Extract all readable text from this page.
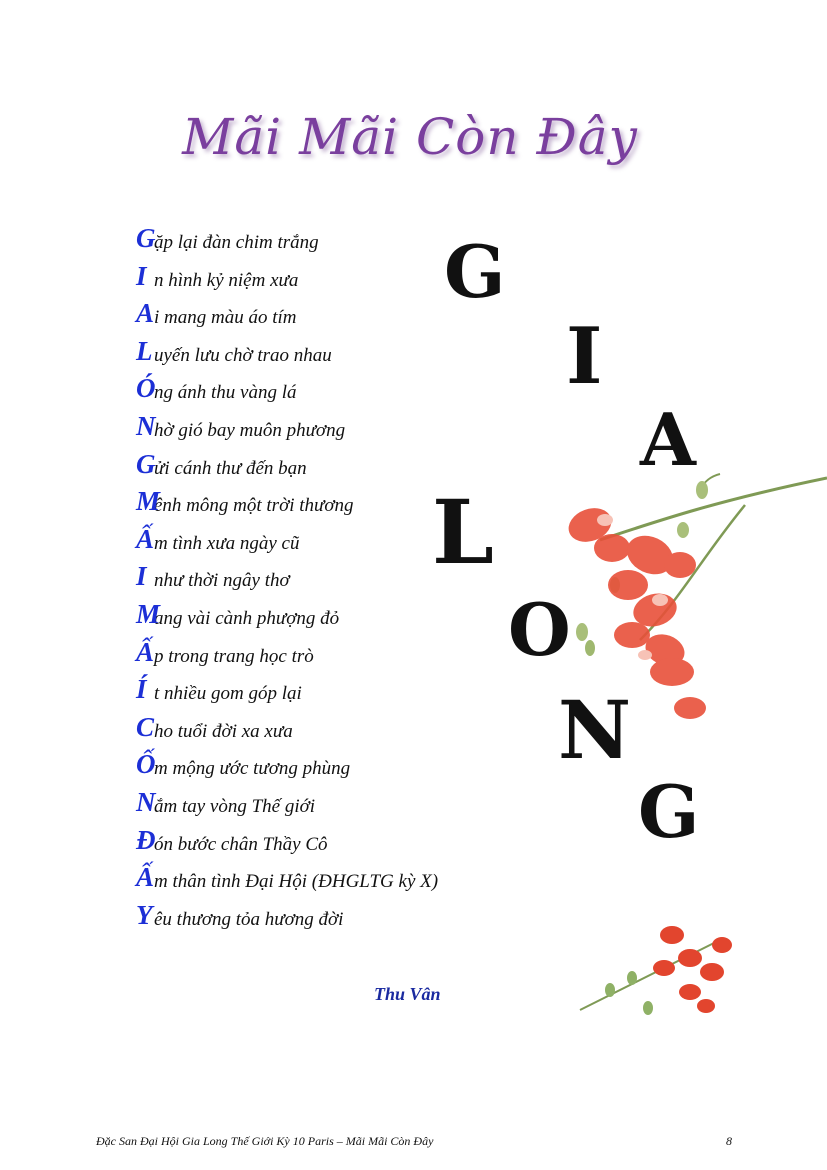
Mãi Mãi Còn Đây
G
ặp lại đàn chim trắng
I n hình kỷ niệm xưa
A i mang màu áo tím
L uyến lưu chờ trao nhau
Ó
ng ánh thu vàng lá
N
hờ gió bay muôn phương
G
ửi cánh thư đến bạn
M
ênh mông một trời thương
Ấ m tình xưa ngày cũ
I như thời ngây thơ
M
ang vài cành phượng đỏ
Ấ p trong trang học trò
Í t nhiều gom góp lại
C ho tuổi đời xa xưa
Ố
m mộng ước tương phùng
N
ắm tay vòng Thế giới
Đ
ón bước chân Thầy Cô
Ấ m thân tình Đại Hội (ĐHGLTG kỳ X)
Y êu thương tỏa hương đời
G
I
A
L
O
N
G
Thu Vân
Đặc San Đại Hội Gia Long Thế Giới Kỳ 10 Paris – Mãi Mãi Còn Đây	8
